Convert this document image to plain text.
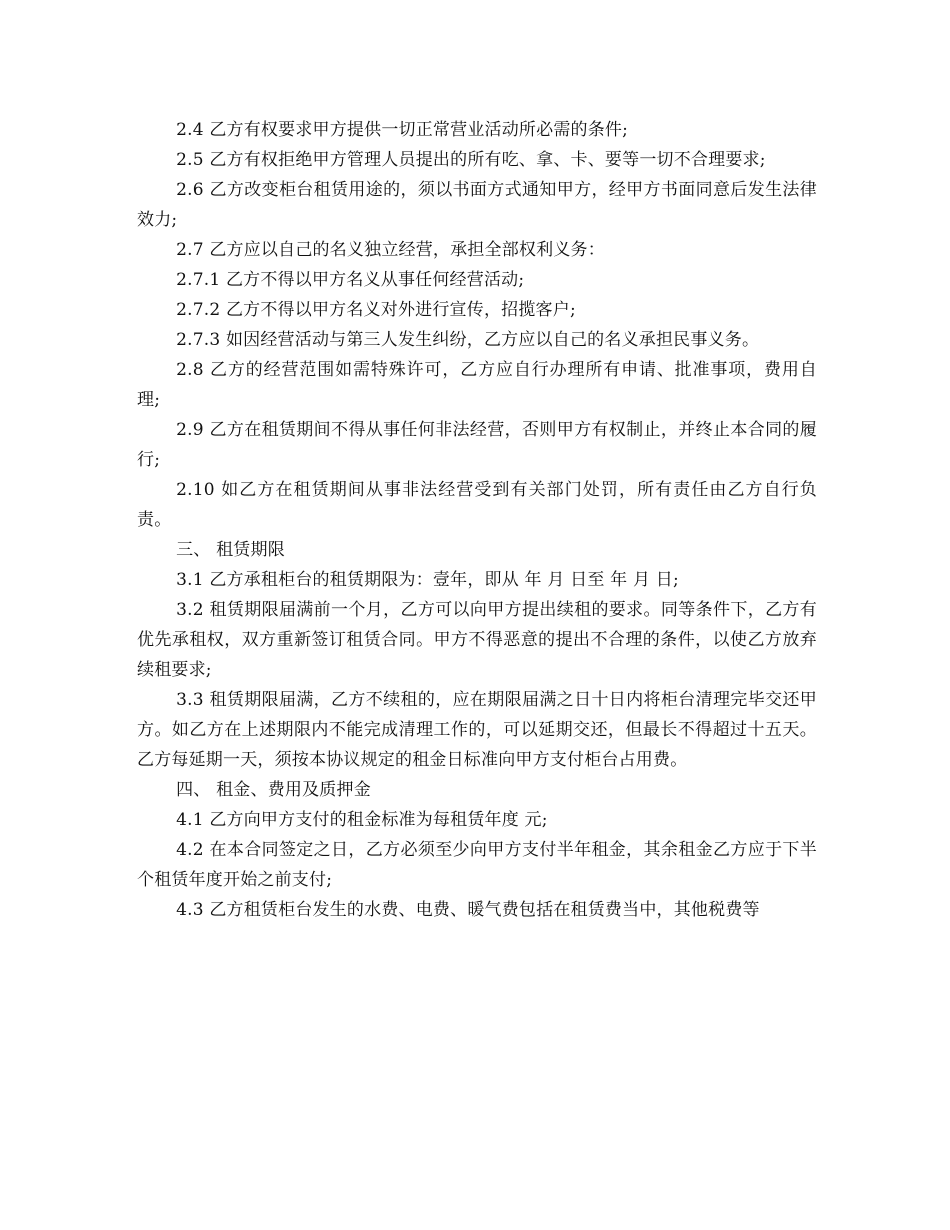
2.4 乙方有权要求甲方提供一切正常营业活动所必需的条件;

2.5 乙方有权拒绝甲方管理人员提出的所有吃、拿、卡、要等一切不合理要求;

2.6 乙方改变柜台租赁用途的，须以书面方式通知甲方，经甲方书面同意后发生法律效力;

2.7 乙方应以自己的名义独立经营，承担全部权利义务：

2.7.1 乙方不得以甲方名义从事任何经营活动;

2.7.2 乙方不得以甲方名义对外进行宣传，招揽客户;

2.7.3 如因经营活动与第三人发生纠纷，乙方应以自己的名义承担民事义务。

2.8 乙方的经营范围如需特殊许可，乙方应自行办理所有申请、批准事项，费用自理;

2.9 乙方在租赁期间不得从事任何非法经营，否则甲方有权制止，并终止本合同的履行;

2.10 如乙方在租赁期间从事非法经营受到有关部门处罚，所有责任由乙方自行负责。

三、 租赁期限

3.1 乙方承租柜台的租赁期限为：壹年，即从 年 月 日至 年 月 日;

3.2 租赁期限届满前一个月，乙方可以向甲方提出续租的要求。同等条件下，乙方有优先承租权，双方重新签订租赁合同。甲方不得恶意的提出不合理的条件，以使乙方放弃续租要求;

3.3 租赁期限届满，乙方不续租的，应在期限届满之日十日内将柜台清理完毕交还甲方。如乙方在上述期限内不能完成清理工作的，可以延期交还，但最长不得超过十五天。乙方每延期一天，须按本协议规定的租金日标准向甲方支付柜台占用费。

四、 租金、费用及质押金

4.1 乙方向甲方支付的租金标准为每租赁年度 元;

4.2 在本合同签定之日，乙方必须至少向甲方支付半年租金，其余租金乙方应于下半个租赁年度开始之前支付;

4.3 乙方租赁柜台发生的水费、电费、暖气费包括在租赁费当中，其他税费等
